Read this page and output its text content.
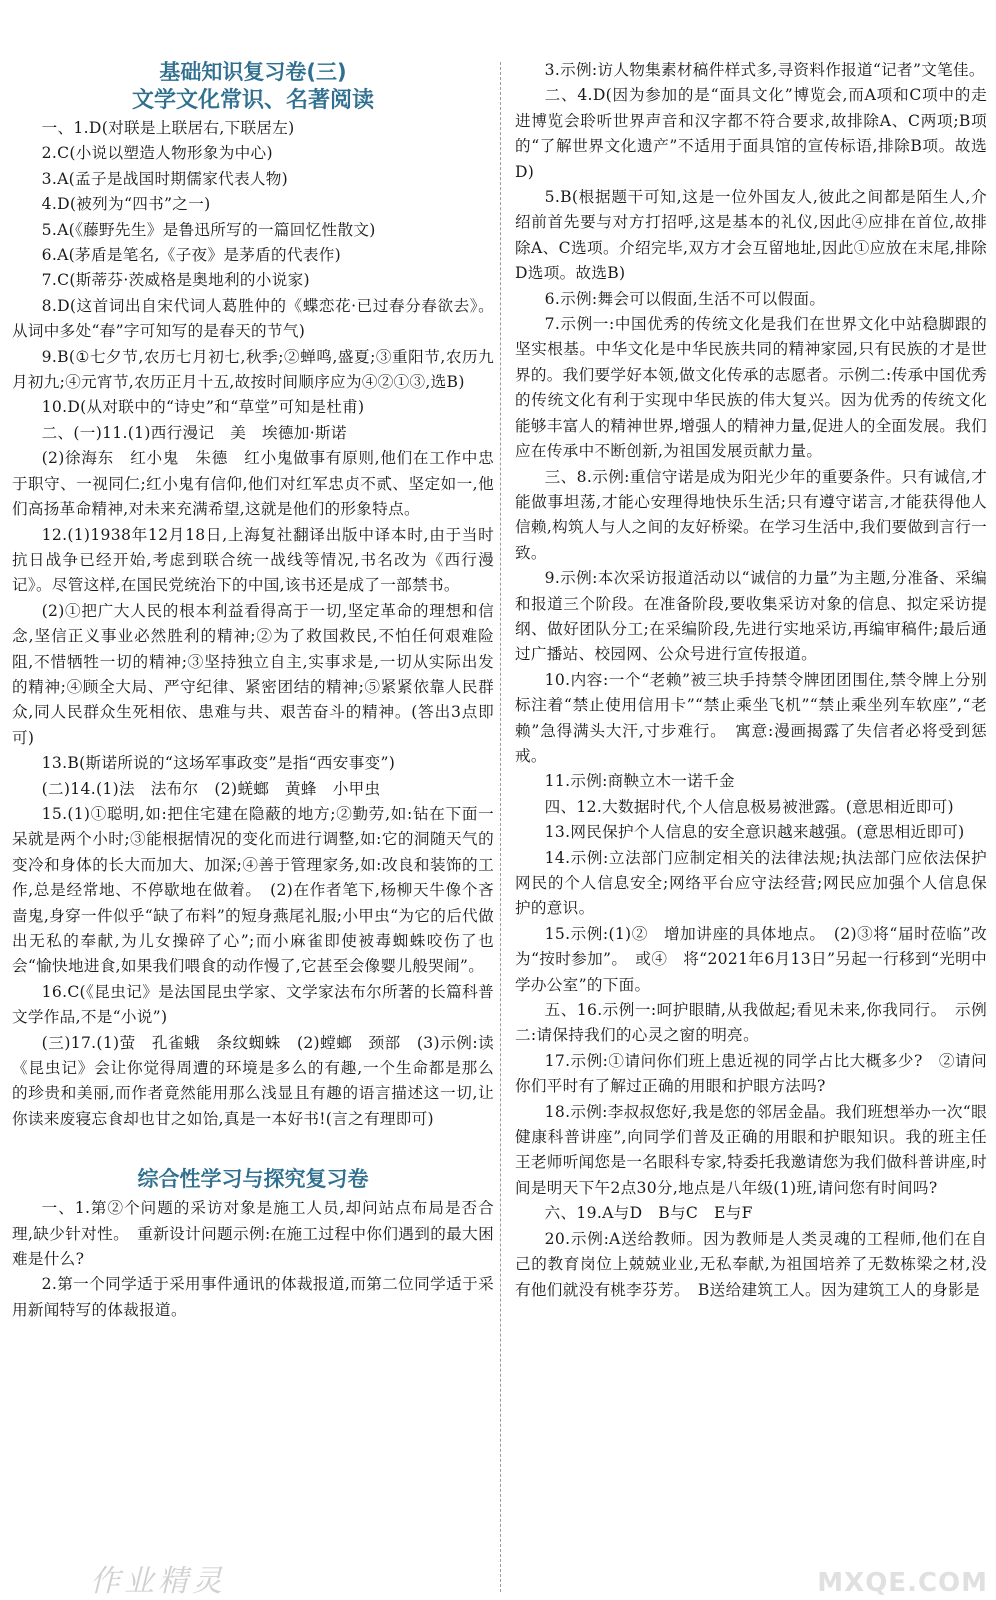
基础知识复习卷(三)
文学文化常识、名著阅读

一、1.D(对联是上联居右,下联居左)

2.C(小说以塑造人物形象为中心)

3.A(孟子是战国时期儒家代表人物)

4.D(被列为“四书”之一)

5.A(《藤野先生》是鲁迅所写的一篇回忆性散文)

6.A(茅盾是笔名,《子夜》是茅盾的代表作)

7.C(斯蒂芬·茨威格是奥地利的小说家)

8.D(这首词出自宋代词人葛胜仲的《蝶恋花·已过春分春欲去》。从词中多处“春”字可知写的是春天的节气)

9.B(①七夕节,农历七月初七,秋季;②蝉鸣,盛夏;③重阳节,农历九月初九;④元宵节,农历正月十五,故按时间顺序应为④②①③,选B)

10.D(从对联中的“诗史”和“草堂”可知是杜甫)

二、(一)11.(1)西行漫记　美　埃德加·斯诺

(2)徐海东　红小鬼　朱德　红小鬼做事有原则,他们在工作中忠于职守、一视同仁;红小鬼有信仰,他们对红军忠贞不贰、坚定如一,他们高扬革命精神,对未来充满希望,这就是他们的形象特点。

12.(1)1938年12月18日,上海复社翻译出版中译本时,由于当时抗日战争已经开始,考虑到联合统一战线等情况,书名改为《西行漫记》。尽管这样,在国民党统治下的中国,该书还是成了一部禁书。

(2)①把广大人民的根本利益看得高于一切,坚定革命的理想和信念,坚信正义事业必然胜利的精神;②为了救国救民,不怕任何艰难险阻,不惜牺牲一切的精神;③坚持独立自主,实事求是,一切从实际出发的精神;④顾全大局、严守纪律、紧密团结的精神;⑤紧紧依靠人民群众,同人民群众生死相依、患难与共、艰苦奋斗的精神。(答出3点即可)

13.B(斯诺所说的“这场军事政变”是指“西安事变”)

(二)14.(1)法　法布尔　(2)蜣螂　黄蜂　小甲虫

15.(1)①聪明,如:把住宅建在隐蔽的地方;②勤劳,如:钻在下面一呆就是两个小时;③能根据情况的变化而进行调整,如:它的洞随天气的变冷和身体的长大而加大、加深;④善于管理家务,如:改良和装饰的工作,总是经常地、不停歇地在做着。　(2)在作者笔下,杨柳天牛像个吝啬鬼,身穿一件似乎“缺了布料”的短身燕尾礼服;小甲虫“为它的后代做出无私的奉献,为儿女操碎了心”;而小麻雀即使被毒蜘蛛咬伤了也会“愉快地进食,如果我们喂食的动作慢了,它甚至会像婴儿般哭闹”。

16.C(《昆虫记》是法国昆虫学家、文学家法布尔所著的长篇科普文学作品,不是“小说”)

(三)17.(1)萤　孔雀蛾　条纹蜘蛛　(2)螳螂　颈部　(3)示例:读《昆虫记》会让你觉得周遭的环境是多么的有趣,一个生命都是那么的珍贵和美丽,而作者竟然能用那么浅显且有趣的语言描述这一切,让你读来废寝忘食却也甘之如饴,真是一本好书!(言之有理即可)

综合性学习与探究复习卷

一、1.第②个问题的采访对象是施工人员,却问站点布局是否合理,缺少针对性。　重新设计问题示例:在施工过程中你们遇到的最大困难是什么?

2.第一个同学适于采用事件通讯的体裁报道,而第二位同学适于采用新闻特写的体裁报道。

3.示例:访人物集素材稿件样式多,寻资料作报道“记者”文笔佳。

二、4.D(因为参加的是“面具文化”博览会,而A项和C项中的走进博览会聆听世界声音和汉字都不符合要求,故排除A、C两项;B项的“了解世界文化遗产”不适用于面具馆的宣传标语,排除B项。故选D)

5.B(根据题干可知,这是一位外国友人,彼此之间都是陌生人,介绍前首先要与对方打招呼,这是基本的礼仪,因此④应排在首位,故排除A、C选项。介绍完毕,双方才会互留地址,因此①应放在末尾,排除D选项。故选B)

6.示例:舞会可以假面,生活不可以假面。

7.示例一:中国优秀的传统文化是我们在世界文化中站稳脚跟的坚实根基。中华文化是中华民族共同的精神家园,只有民族的才是世界的。我们要学好本领,做文化传承的志愿者。示例二:传承中国优秀的传统文化有利于实现中华民族的伟大复兴。因为优秀的传统文化能够丰富人的精神世界,增强人的精神力量,促进人的全面发展。我们应在传承中不断创新,为祖国发展贡献力量。

三、8.示例:重信守诺是成为阳光少年的重要条件。只有诚信,才能做事坦荡,才能心安理得地快乐生活;只有遵守诺言,才能获得他人信赖,构筑人与人之间的友好桥梁。在学习生活中,我们要做到言行一致。

9.示例:本次采访报道活动以“诚信的力量”为主题,分准备、采编和报道三个阶段。在准备阶段,要收集采访对象的信息、拟定采访提纲、做好团队分工;在采编阶段,先进行实地采访,再编审稿件;最后通过广播站、校园网、公众号进行宣传报道。

10.内容:一个“老赖”被三块手持禁令牌团团围住,禁令牌上分别标注着“禁止使用信用卡”“禁止乘坐飞机”“禁止乘坐列车软座”,“老赖”急得满头大汗,寸步难行。　寓意:漫画揭露了失信者必将受到惩戒。

11.示例:商鞅立木一诺千金

四、12.大数据时代,个人信息极易被泄露。(意思相近即可)

13.网民保护个人信息的安全意识越来越强。(意思相近即可)

14.示例:立法部门应制定相关的法律法规;执法部门应依法保护网民的个人信息安全;网络平台应守法经营;网民应加强个人信息保护的意识。

15.示例:(1)②　增加讲座的具体地点。　(2)③将“届时莅临”改为“按时参加”。　或④　将“2021年6月13日”另起一行移到“光明中学办公室”的下面。

五、16.示例一:呵护眼睛,从我做起;看见未来,你我同行。　示例二:请保持我们的心灵之窗的明亮。

17.示例:①请问你们班上患近视的同学占比大概多少?　②请问你们平时有了解过正确的用眼和护眼方法吗?

18.示例:李叔叔您好,我是您的邻居金晶。我们班想举办一次“眼健康科普讲座”,向同学们普及正确的用眼和护眼知识。我的班主任王老师听闻您是一名眼科专家,特委托我邀请您为我们做科普讲座,时间是明天下午2点30分,地点是八年级(1)班,请问您有时间吗?

六、19.A与D　B与C　E与F

20.示例:A送给教师。因为教师是人类灵魂的工程师,他们在自己的教育岗位上兢兢业业,无私奉献,为祖国培养了无数栋梁之材,没有他们就没有桃李芬芳。　B送给建筑工人。因为建筑工人的身影是

作业精灵	MXQE.COM
